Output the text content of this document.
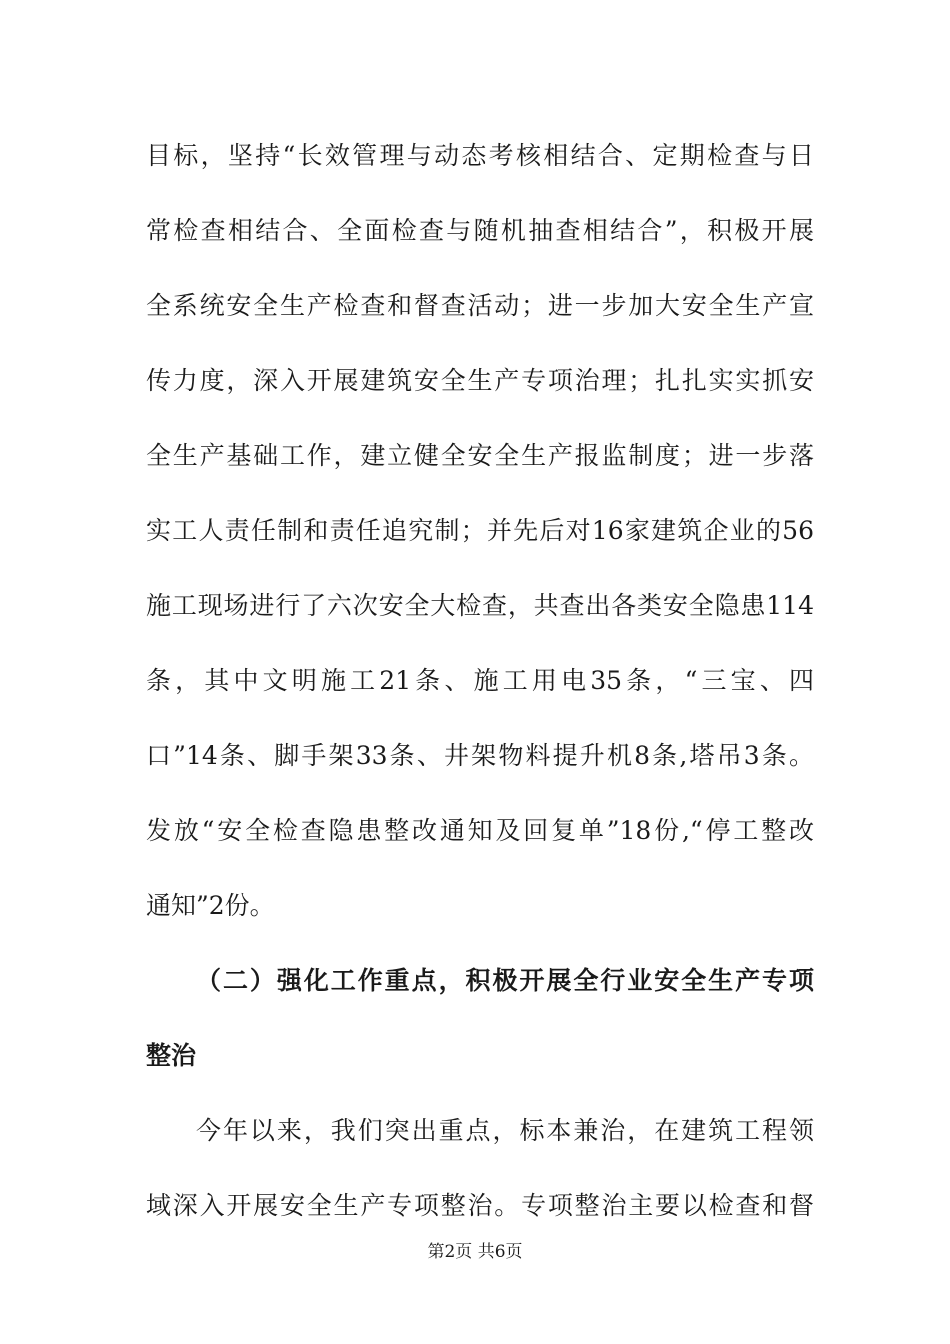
目标，坚持“长效管理与动态考核相结合、定期检查与日
常检查相结合、全面检查与随机抽查相结合”，积极开展
全系统安全生产检查和督查活动；进一步加大安全生产宣
传力度，深入开展建筑安全生产专项治理；扎扎实实抓安
全生产基础工作，建立健全安全生产报监制度；进一步落
实工人责任制和责任追究制；并先后对16家建筑企业的56
施工现场进行了六次安全大检查，共查出各类安全隐患114
条，其中文明施工21条、施工用电35条，“三宝、四
口”14条、脚手架33条、井架物料提升机8条,塔吊3条。
发放“安全检查隐患整改通知及回复单”18份,“停工整改
通知”2份。
（二）强化工作重点，积极开展全行业安全生产专项
整治
今年以来，我们突出重点，标本兼治，在建筑工程领
域深入开展安全生产专项整治。专项整治主要以检查和督
第2页 共6页
